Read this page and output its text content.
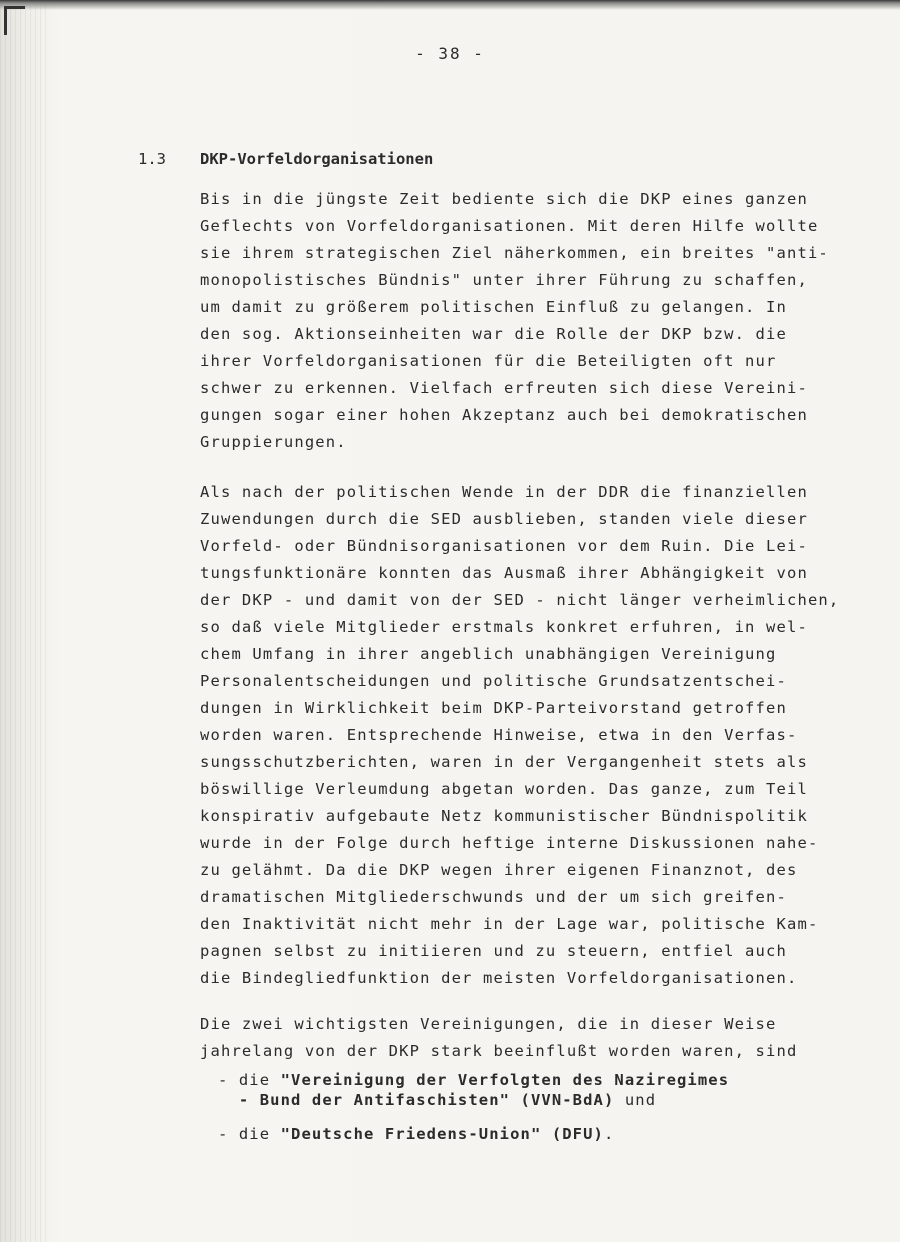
- 38 -
1.3 DKP-Vorfeldorganisationen

Bis in die jüngste Zeit bediente sich die DKP eines ganzen
Geflechts von Vorfeldorganisationen. Mit deren Hilfe wollte
sie ihrem strategischen Ziel näherkommen, ein breites "anti-
monopolistisches Bündnis" unter ihrer Führung zu schaffen,
um damit zu größerem politischen Einfluß zu gelangen. In
den sog. Aktionseinheiten war die Rolle der DKP bzw. die
ihrer Vorfeldorganisationen für die Beteiligten oft nur
schwer zu erkennen. Vielfach erfreuten sich diese Vereini-
gungen sogar einer hohen Akzeptanz auch bei demokratischen
Gruppierungen.

Als nach der politischen Wende in der DDR die finanziellen
Zuwendungen durch die SED ausblieben, standen viele dieser
Vorfeld- oder Bündnisorganisationen vor dem Ruin. Die Lei-
tungsfunktionäre konnten das Ausmaß ihrer Abhängigkeit von
der DKP - und damit von der SED - nicht länger verheimlichen,
so daß viele Mitglieder erstmals konkret erfuhren, in wel-
chem Umfang in ihrer angeblich unabhängigen Vereinigung
Personalentscheidungen und politische Grundsatzentschei-
dungen in Wirklichkeit beim DKP-Parteivorstand getroffen
worden waren. Entsprechende Hinweise, etwa in den Verfas-
sungsschutzberichten, waren in der Vergangenheit stets als
böswillige Verleumdung abgetan worden. Das ganze, zum Teil
konspirativ aufgebaute Netz kommunistischer Bündnispolitik
wurde in der Folge durch heftige interne Diskussionen nahe-
zu gelähmt. Da die DKP wegen ihrer eigenen Finanznot, des
dramatischen Mitgliederschwunds und der um sich greifen-
den Inaktivität nicht mehr in der Lage war, politische Kam-
pagnen selbst zu initiieren und zu steuern, entfiel auch
die Bindegliedfunktion der meisten Vorfeldorganisationen.

Die zwei wichtigsten Vereinigungen, die in dieser Weise
jahrelang von der DKP stark beeinflußt worden waren, sind

- die "Vereinigung der Verfolgten des Naziregimes
- Bund der Antifaschisten" (VVN-BdA) und
- die "Deutsche Friedens-Union" (DFU).
